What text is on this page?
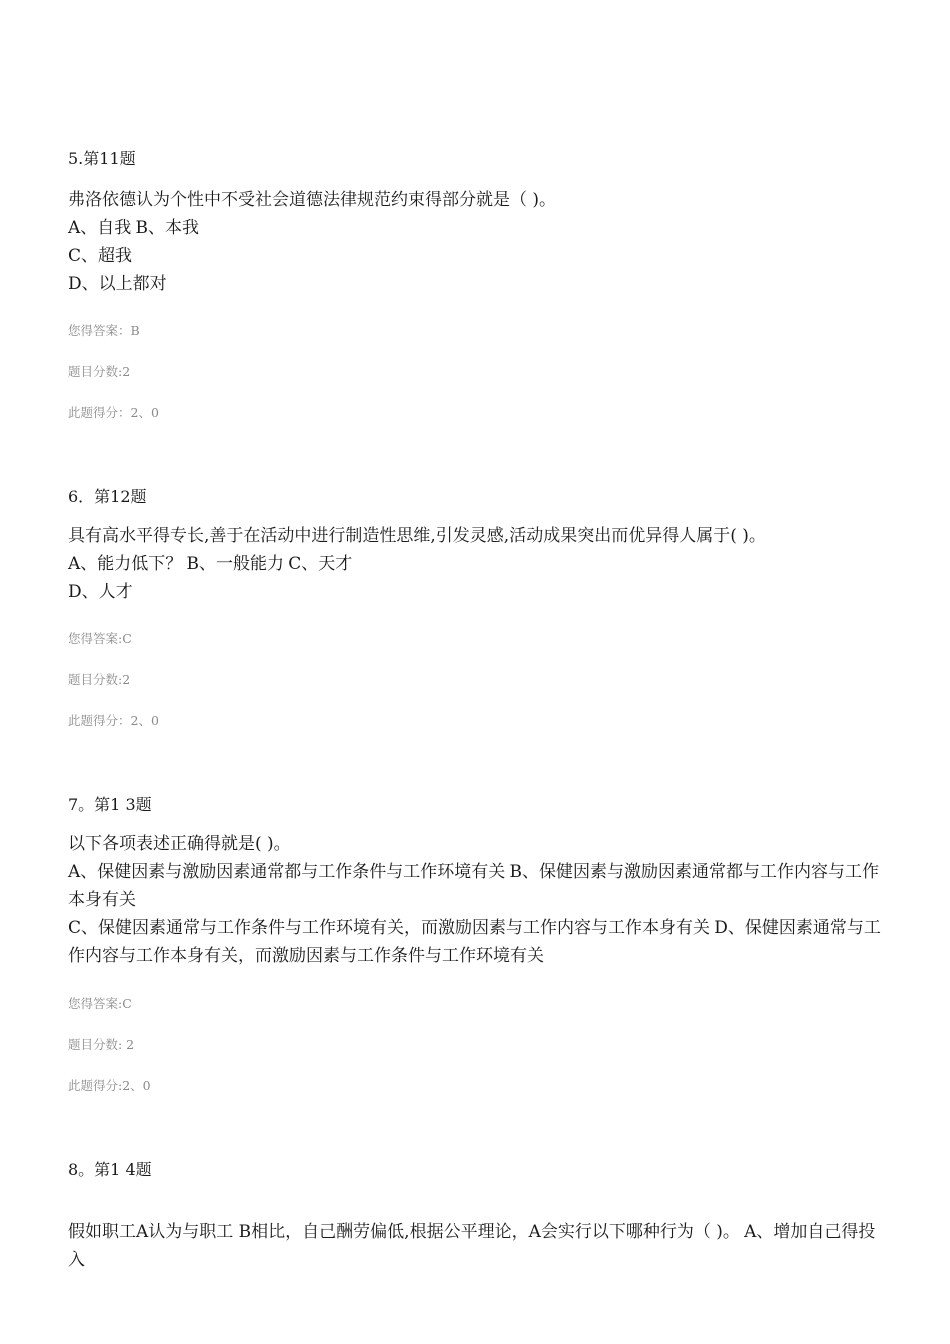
5.第11题
弗洛依德认为个性中不受社会道德法律规范约束得部分就是（ )。
A、自我 B、本我
C、超我
D、以上都对
您得答案：B
题目分数:2
此题得分：2、0
6．第12题
具有高水平得专长,善于在活动中进行制造性思维,引发灵感,活动成果突出而优异得人属于( )。
A、能力低下？ B、一般能力 C、天才
D、人才
您得答案:C
题目分数:2
此题得分：2、0
7。第1 3题
以下各项表述正确得就是( )。
A、保健因素与激励因素通常都与工作条件与工作环境有关 B、保健因素与激励因素通常都与工作内容与工作本身有关
C、保健因素通常与工作条件与工作环境有关，而激励因素与工作内容与工作本身有关 D、保健因素通常与工作内容与工作本身有关，而激励因素与工作条件与工作环境有关
您得答案:C
题目分数: 2
此题得分:2、0
8。第1 4题
假如职工A认为与职工 B相比，自己酬劳偏低,根据公平理论，A会实行以下哪种行为（ )。 A、增加自己得投入
